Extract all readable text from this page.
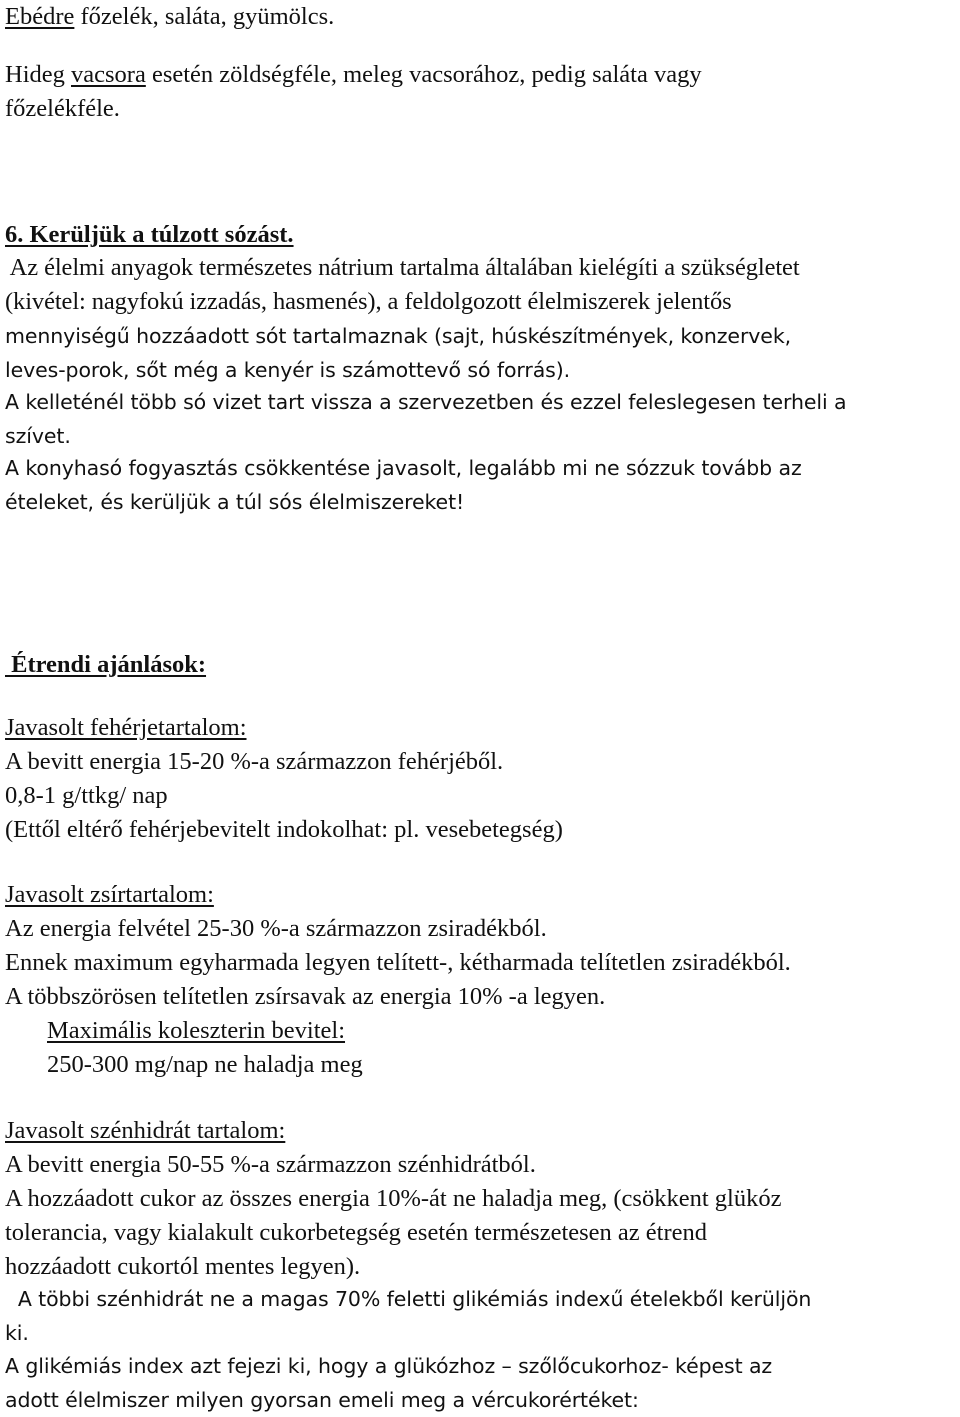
Ebédre főzelék, saláta, gyümölcs.

Hideg vacsora esetén zöldségféle, meleg vacsorához, pedig saláta vagy

főzelékféle.

6. Kerüljük a túlzott sózást.

Az élelmi anyagok természetes nátrium tartalma általában kielégíti a szükségletet

(kivétel: nagyfokú izzadás, hasmenés), a feldolgozott élelmiszerek jelentős

mennyiségű hozzáadott sót tartalmaznak (sajt, húskészítmények, konzervek,

leves-porok, sőt még a kenyér is számottevő só forrás).

A kelleténél több só vizet tart vissza a szervezetben és ezzel feleslegesen terheli a

szívet.

A konyhasó fogyasztás csökkentése javasolt, legalább mi ne sózzuk tovább az

ételeket, és kerüljük a túl sós élelmiszereket!

Étrendi ajánlások:

Javasolt fehérjetartalom:

A bevitt energia 15-20 %-a származzon fehérjéből.

0,8-1 g/ttkg/ nap

(Ettől eltérő fehérjebevitelt indokolhat: pl. vesebetegség)

Javasolt zsírtartalom:

Az energia felvétel 25-30 %-a származzon zsiradékból.

Ennek maximum egyharmada legyen telített-, kétharmada telítetlen zsiradékból.

A többszörösen telítetlen zsírsavak az energia 10% -a legyen.

Maximális koleszterin bevitel:

250-300 mg/nap ne haladja meg

Javasolt szénhidrát tartalom:

A bevitt energia 50-55 %-a származzon szénhidrátból.

A hozzáadott cukor az összes energia 10%-át ne haladja meg, (csökkent glükóz

tolerancia, vagy kialakult cukorbetegség esetén természetesen az étrend

hozzáadott cukortól mentes legyen).

A többi szénhidrát ne a magas 70% feletti glikémiás indexű ételekből kerüljön

ki.

A glikémiás index azt fejezi ki, hogy a glükózhoz – szőlőcukorhoz- képest az

adott élelmiszer milyen gyorsan emeli meg a vércukorértéket:
